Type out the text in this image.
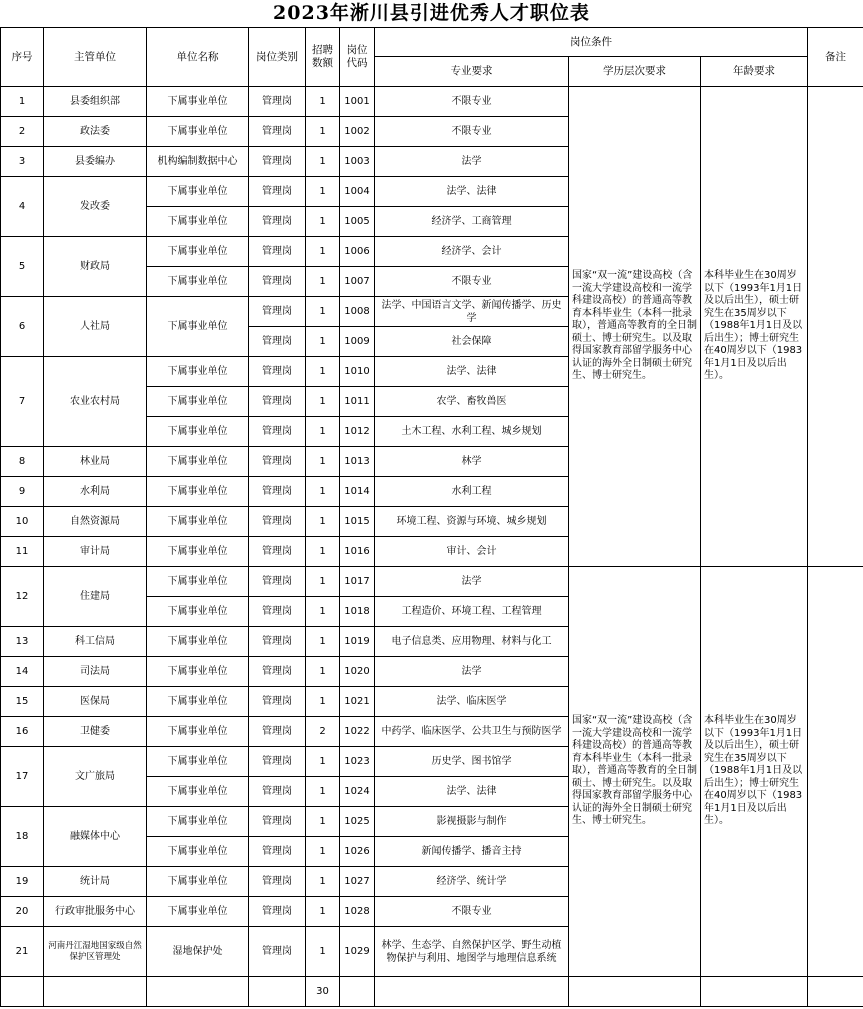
2023年淅川县引进优秀人才职位表
序号	主管单位	单位名称	岗位类别	招聘数额	岗位代码	岗位条件			备注
						专业要求	学历层次要求	年龄要求	
1	县委组织部	下属事业单位	管理岗	1	1001	不限专业	国家“双一流”建设高校（含一流大学建设高校和一流学科建设高校）的普通高等教育本科毕业生（本科一批录取），普通高等教育的全日制硕士、博士研究生。以及取得国家教育部留学服务中心认证的海外全日制硕士研究生、博士研究生。	本科毕业生在30周岁以下（1993年1月1日及以后出生），硕士研究生在35周岁以下（1988年1月1日及以后出生）；博士研究生在40周岁以下（1983年1月1日及以后出生）。	
2	政法委	下属事业单位	管理岗	1	1002	不限专业			
3	县委编办	机构编制数据中心	管理岗	1	1003	法学			
4	发改委	下属事业单位	管理岗	1	1004	法学、法律			
		下属事业单位	管理岗	1	1005	经济学、工商管理			
5	财政局	下属事业单位	管理岗	1	1006	经济学、会计			
		下属事业单位	管理岗	1	1007	不限专业			
6	人社局	下属事业单位	管理岗	1	1008	法学、中国语言文学、新闻传播学、历史学			
			管理岗	1	1009	社会保障			
7	农业农村局	下属事业单位	管理岗	1	1010	法学、法律			
		下属事业单位	管理岗	1	1011	农学、畜牧兽医			
		下属事业单位	管理岗	1	1012	土木工程、水利工程、城乡规划			
8	林业局	下属事业单位	管理岗	1	1013	林学			
9	水利局	下属事业单位	管理岗	1	1014	水利工程			
10	自然资源局	下属事业单位	管理岗	1	1015	环境工程、资源与环境、城乡规划			
11	审计局	下属事业单位	管理岗	1	1016	审计、会计			
12	住建局	下属事业单位	管理岗	1	1017	法学	国家“双一流”建设高校（含一流大学建设高校和一流学科建设高校）的普通高等教育本科毕业生（本科一批录取），普通高等教育的全日制硕士、博士研究生。以及取得国家教育部留学服务中心认证的海外全日制硕士研究生、博士研究生。	本科毕业生在30周岁以下（1993年1月1日及以后出生），硕士研究生在35周岁以下（1988年1月1日及以后出生）；博士研究生在40周岁以下（1983年1月1日及以后出生）。	
		下属事业单位	管理岗	1	1018	工程造价、环境工程、工程管理			
13	科工信局	下属事业单位	管理岗	1	1019	电子信息类、应用物理、材料与化工			
14	司法局	下属事业单位	管理岗	1	1020	法学			
15	医保局	下属事业单位	管理岗	1	1021	法学、临床医学			
16	卫健委	下属事业单位	管理岗	2	1022	中药学、临床医学、公共卫生与预防医学			
17	文广旅局	下属事业单位	管理岗	1	1023	历史学、图书馆学			
		下属事业单位	管理岗	1	1024	法学、法律			
18	融媒体中心	下属事业单位	管理岗	1	1025	影视摄影与制作			
		下属事业单位	管理岗	1	1026	新闻传播学、播音主持			
19	统计局	下属事业单位	管理岗	1	1027	经济学、统计学			
20	行政审批服务中心	下属事业单位	管理岗	1	1028	不限专业			
21	河南丹江湿地国家级自然保护区管理处	湿地保护处	管理岗	1	1029	林学、生态学、自然保护区学、野生动植物保护与利用、地图学与地理信息系统			
				30					
